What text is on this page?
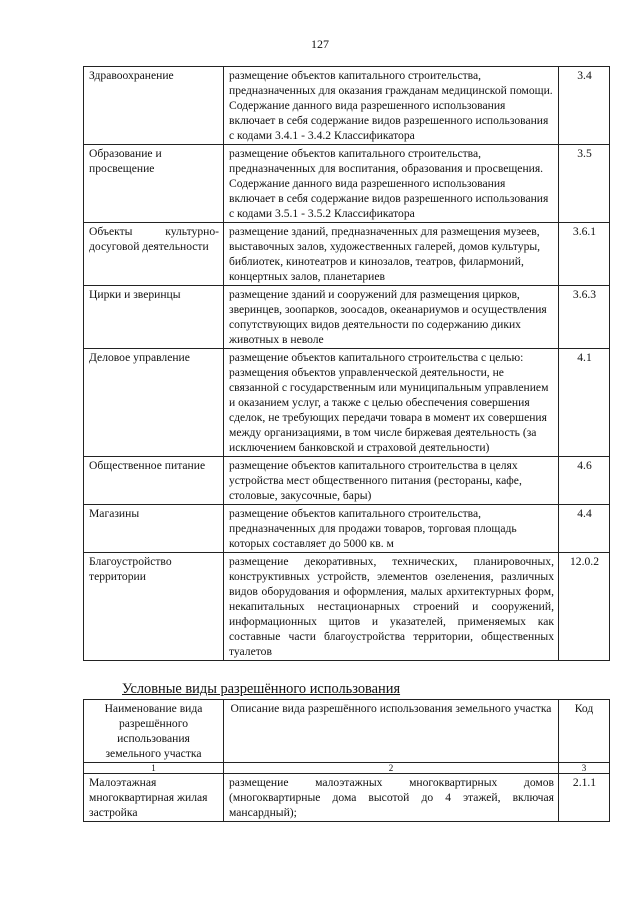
127
Здравоохранение	размещение объектов капитального строительства, предназначенных для оказания гражданам медицинской помощи. Содержание данного вида разрешенного использования включает в себя содержание видов разрешенного использования с кодами 3.4.1 - 3.4.2 Классификатора	3.4
Образование и просвещение	размещение объектов капитального строительства, предназначенных для воспитания, образования и просвещения. Содержание данного вида разрешенного использования включает в себя содержание видов разрешенного использования с кодами 3.5.1 - 3.5.2 Классификатора	3.5
Объекты культурно-досуговой деятельности	размещение зданий, предназначенных для размещения музеев, выставочных залов, художественных галерей, домов культуры, библиотек, кинотеатров и кинозалов, театров, филармоний, концертных залов, планетариев	3.6.1
Цирки и зверинцы	размещение зданий и сооружений для размещения цирков, зверинцев, зоопарков, зоосадов, океанариумов и осуществления сопутствующих видов деятельности по содержанию диких животных в неволе	3.6.3
Деловое управление	размещение объектов капитального строительства с целью: размещения объектов управленческой деятельности, не связанной с государственным или муниципальным управлением и оказанием услуг, а также с целью обеспечения совершения сделок, не требующих передачи товара в момент их совершения между организациями, в том числе биржевая деятельность (за исключением банковской и страховой деятельности)	4.1
Общественное питание	размещение объектов капитального строительства в целях устройства мест общественного питания (рестораны, кафе, столовые, закусочные, бары)	4.6
Магазины	размещение объектов капитального строительства, предназначенных для продажи товаров, торговая площадь которых составляет до 5000 кв. м	4.4
Благоустройство территории	размещение декоративных, технических, планировочных, конструктивных устройств, элементов озеленения, различных видов оборудования и оформления, малых архитектурных форм, некапитальных нестационарных строений и сооружений, информационных щитов и указателей, применяемых как составные части благоустройства территории, общественных туалетов	12.0.2
Условные виды разрешённого использования
Наименование вида разрешённого использования земельного участка	Описание вида разрешённого использования земельного участка	Код
1	2	3
Малоэтажная многоквартирная жилая застройка	размещение малоэтажных многоквартирных домов (многоквартирные дома высотой до 4 этажей, включая мансардный);	2.1.1
